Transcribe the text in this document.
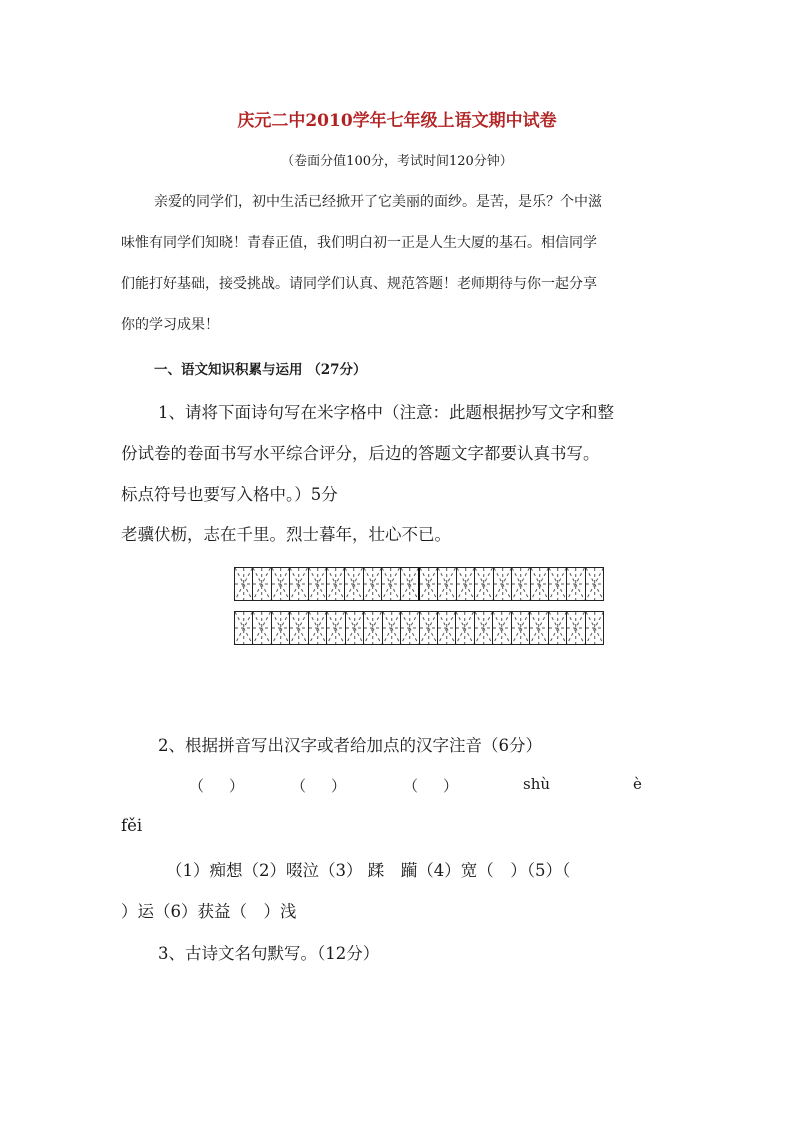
庆元二中2010学年七年级上语文期中试卷
（卷面分值100分，考试时间120分钟）
亲爱的同学们，初中生活已经掀开了它美丽的面纱。是苦，是乐？个中滋
味惟有同学们知晓！青春正值，我们明白初一正是人生大厦的基石。相信同学
们能打好基础，接受挑战。请同学们认真、规范答题！老师期待与你一起分享
你的学习成果！
一、语文知识积累与运用 （27分）
1、请将下面诗句写在米字格中（注意：此题根据抄写文字和整
份试卷的卷面书写水平综合评分，后边的答题文字都要认真书写。
标点符号也要写入格中。）5分
老骥伏枥，志在千里。烈士暮年，壮心不已。
2、根据拼音写出汉字或者给加点的汉字注音（6分）
（ ）	（ ）	（ ）	shù	è
fěi
（1）痴想（2）啜泣（3） 蹂　躏（4）宽（　）（5）（
）运（6）获益（　）浅
3、古诗文名句默写。（12分）
